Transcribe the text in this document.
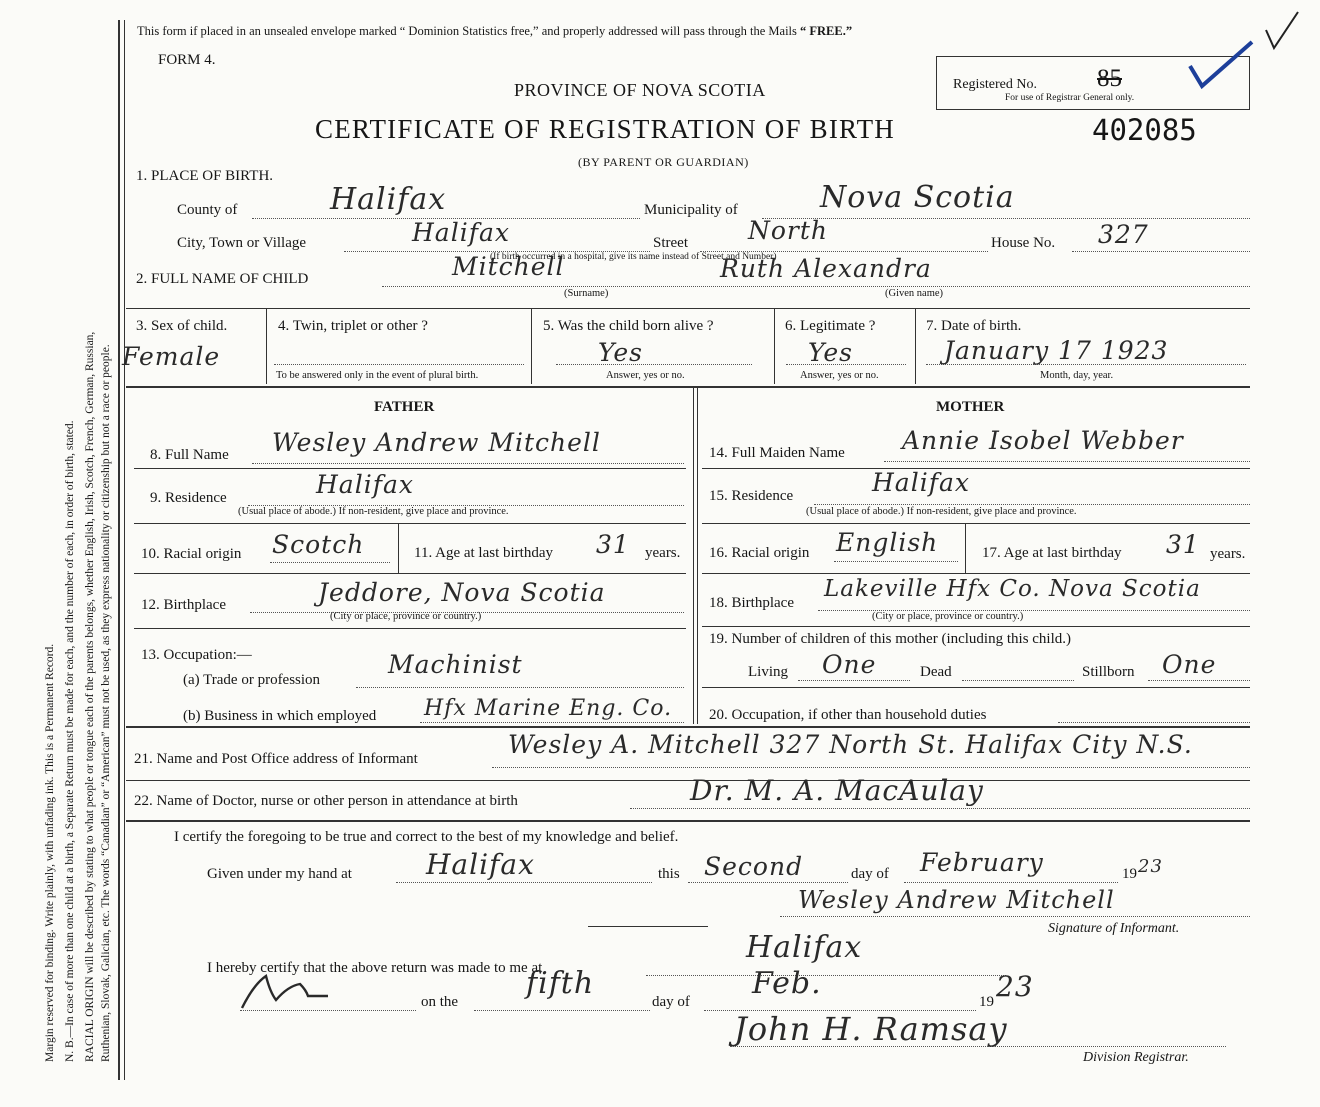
Margin reserved for binding. Write plainly, with unfading ink. This is a Permanent Record. N. B.—In case of more than one child at a birth, a Separate Return must be made for each, and the number of each, in order of birth, stated. RACIAL ORIGIN will be described by stating to what people or tongue each of the parents belongs, whether English, Irish, Scotch, French, German, Russian, Ruthenian, Slovak, Galician, etc. The words “Canadian” or “American” must not be used, as they express nationality or citizenship but not a race or people.
This form if placed in an unsealed envelope marked “ Dominion Statistics free,” and properly addressed will pass through the Mails “ FREE.”
FORM 4.
PROVINCE OF NOVA SCOTIA
CERTIFICATE OF REGISTRATION OF BIRTH	402085
(BY PARENT OR GUARDIAN)
Registered No. 85
For use of Registrar General only.
1. PLACE OF BIRTH.
County of	Halifax	Municipality of	Nova Scotia
City, Town or Village	Halifax	Street North
(If birth occurred in a hospital, give its name instead of Street and Number)
House No. 327
2. FULL NAME OF CHILD	Mitchell	Ruth Alexandra
(Surname)	(Given name)
3. Sex of child.
Female
4. Twin, triplet or other ?
To be answered only in the event of plural birth.
5. Was the child born alive ?
Yes
Answer, yes or no.
6. Legitimate ?
Yes
Answer, yes or no.
7. Date of birth.
January 17 1923
Month, day, year.
FATHER	MOTHER
8. Full Name Wesley Andrew Mitchell
9. Residence	Halifax
(Usual place of abode.) If non-resident, give place and province.
10. Racial origin Scotch	11. Age at last birthday 31 years.
12. Birthplace	Jeddore, Nova Scotia
(City or place, province or country.)
13. Occupation:—
(a) Trade or profession
Machinist
(b) Business in which employed Hfx Marine Eng. Co.
14. Full Maiden Name Annie Isobel Webber
15. Residence	Halifax
(Usual place of abode.) If non-resident, give place and province.
16. Racial origin English	17. Age at last birthday 31 years.
18. Birthplace
Lakeville Hfx Co. Nova Scotia
(City or place, province or country.)
19. Number of children of this mother (including this child.)
Living One	Dead	Stillborn One
20. Occupation, if other than household duties
21. Name and Post Office address of Informant	Wesley A. Mitchell 327 North St. Halifax City N.S.
22. Name of Doctor, nurse or other person in attendance at birth	Dr. M. A. MacAulay
I certify the foregoing to be true and correct to the best of my knowledge and belief.
Given under my hand at	Halifax	this Second	day of February	19 23
Wesley Andrew Mitchell
Signature of Informant.
I hereby certify that the above return was made to me at
Halifax
on the
fifth
day of
Feb.
19 23
John H. Ramsay
Division Registrar.
